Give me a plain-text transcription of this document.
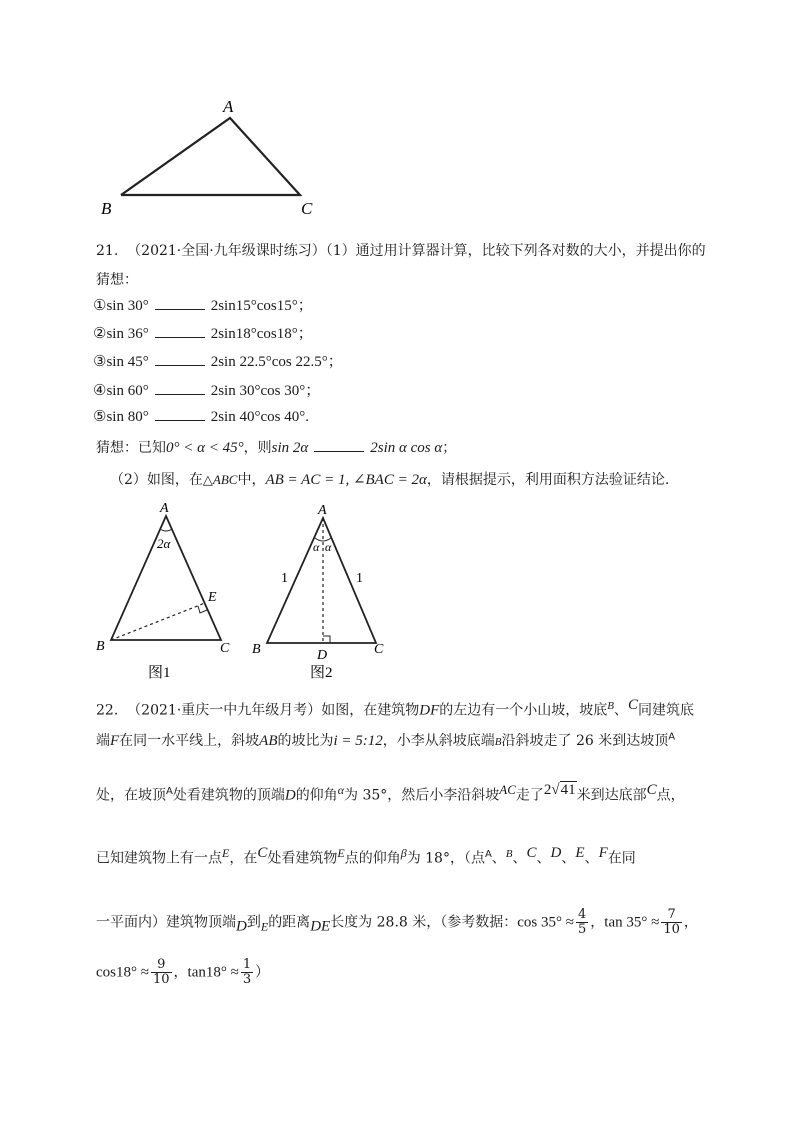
A
B	C
21. （2021·全国·九年级课时练习）（1）通过用计算器计算，比较下列各对数的大小，并提出你的
猜想：
①sin 30°	2sin15°cos15°；
②sin 36°	2sin18°cos18°；
③sin 45°	2sin 22.5°cos 22.5°；
④sin 60°	2sin 30°cos 30°；
⑤sin 80°	2sin 40°cos 40°.
猜想：已知0° < α < 45°，则sin 2α	2sin α cos α；
（2）如图，在△ABC中，AB = AC = 1, ∠BAC = 2α，请根据提示，利用面积方法验证结论.
A
2α
E
B	C
图1
A
α α
1	1
B	D	C
图2
22. （2021·重庆一中九年级月考）如图，在建筑物DF的左边有一个小山坡，坡底$^B$、C同建筑底
端F在同一水平线上，斜坡AB的坡比为i = 5:12，小李从斜坡底端B沿斜坡走了 26 米到达坡顶$^A$
处，在坡顶$^A$处看建筑物的顶端D的仰角α为 35°，然后小李沿斜坡AC走了2√41米到达底部C点，
已知建筑物上有一点E，在C处看建筑物E点的仰角β为 18°，（点$^A$、$^B$、C、D、E、F在同
一平面内）建筑物顶端D到E的距离DE长度为 28.8 米，（参考数据：$\cos 35^\circ \approx \frac{4}{5}$ ，$\tan 35^\circ \approx \frac{7}{10}$ ，
$\cos 18^\circ \approx \frac{9}{10}$ ，$\tan 18^\circ \approx \frac{1}{3}$ ）
